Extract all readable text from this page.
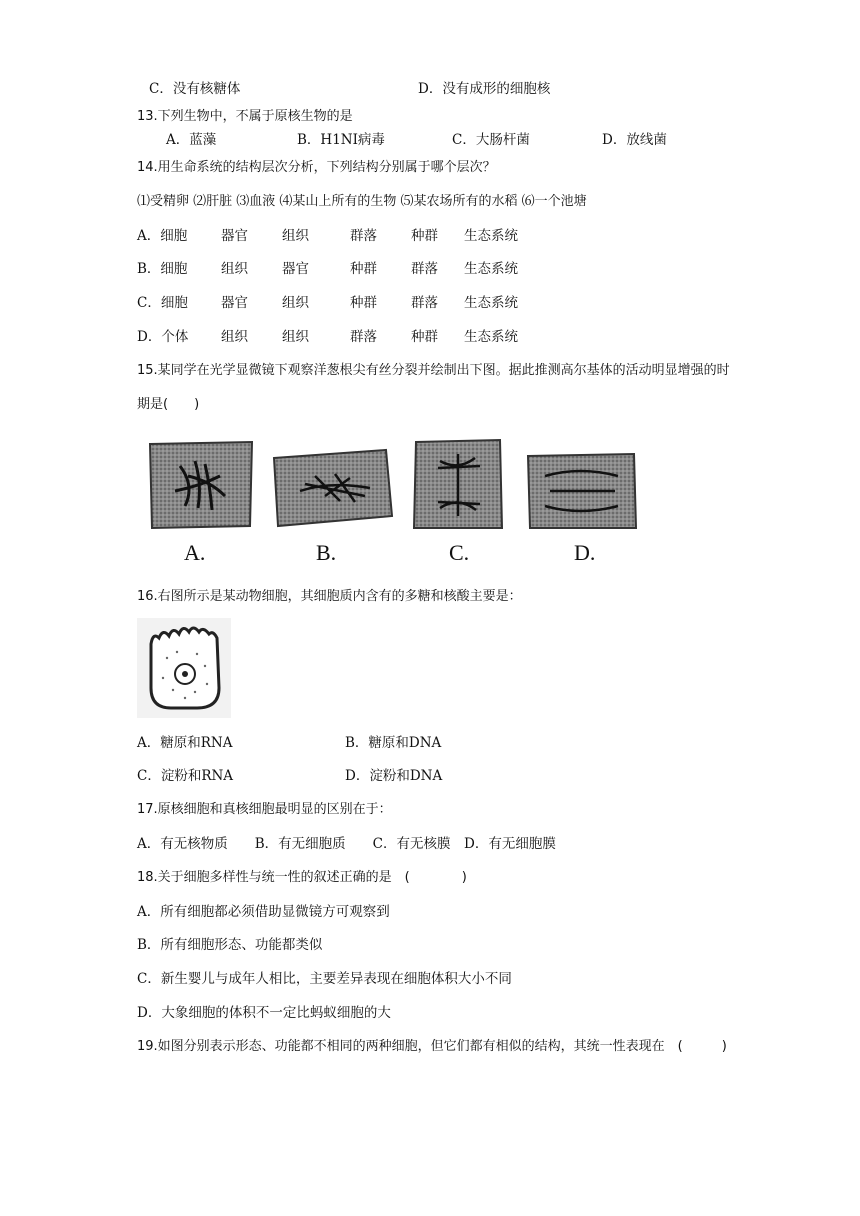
C．没有核糖体	D．没有成形的细胞核
13.下列生物中，不属于原核生物的是
A．蓝藻	B．H1NI病毒	C．大肠杆菌	D．放线菌
14.用生命系统的结构层次分析，下列结构分别属于哪个层次？
⑴受精卵 ⑵肝脏 ⑶血液 ⑷某山上所有的生物 ⑸某农场所有的水稻 ⑹一个池塘
A．细胞	器官	组织	群落	种群 生态系统
B．细胞 组织	器官	种群	群落 生态系统
C．细胞 器官	组织	种群	群落 生态系统
D．个体 组织	组织	群落	种群 生态系统
15.某同学在光学显微镜下观察洋葱根尖有丝分裂并绘制出下图。据此推测高尔基体的活动明显增强的时
期是(　　)
A.	B.	C.	D.
16.右图所示是某动物细胞，其细胞质内含有的多糖和核酸主要是：
A．糖原和RNA	B．糖原和DNA
C．淀粉和RNA	D．淀粉和DNA
17.原核细胞和真核细胞最明显的区别在于：
A．有无核物质　　B．有无细胞质　　C．有无核膜　D．有无细胞膜
18.关于细胞多样性与统一性的叙述正确的是　(　　　　)
A．所有细胞都必须借助显微镜方可观察到
B．所有细胞形态、功能都类似
C．新生婴儿与成年人相比，主要差异表现在细胞体积大小不同
D．大象细胞的体积不一定比蚂蚁细胞的大
19.如图分别表示形态、功能都不相同的两种细胞，但它们都有相似的结构，其统一性表现在　(　　　)
